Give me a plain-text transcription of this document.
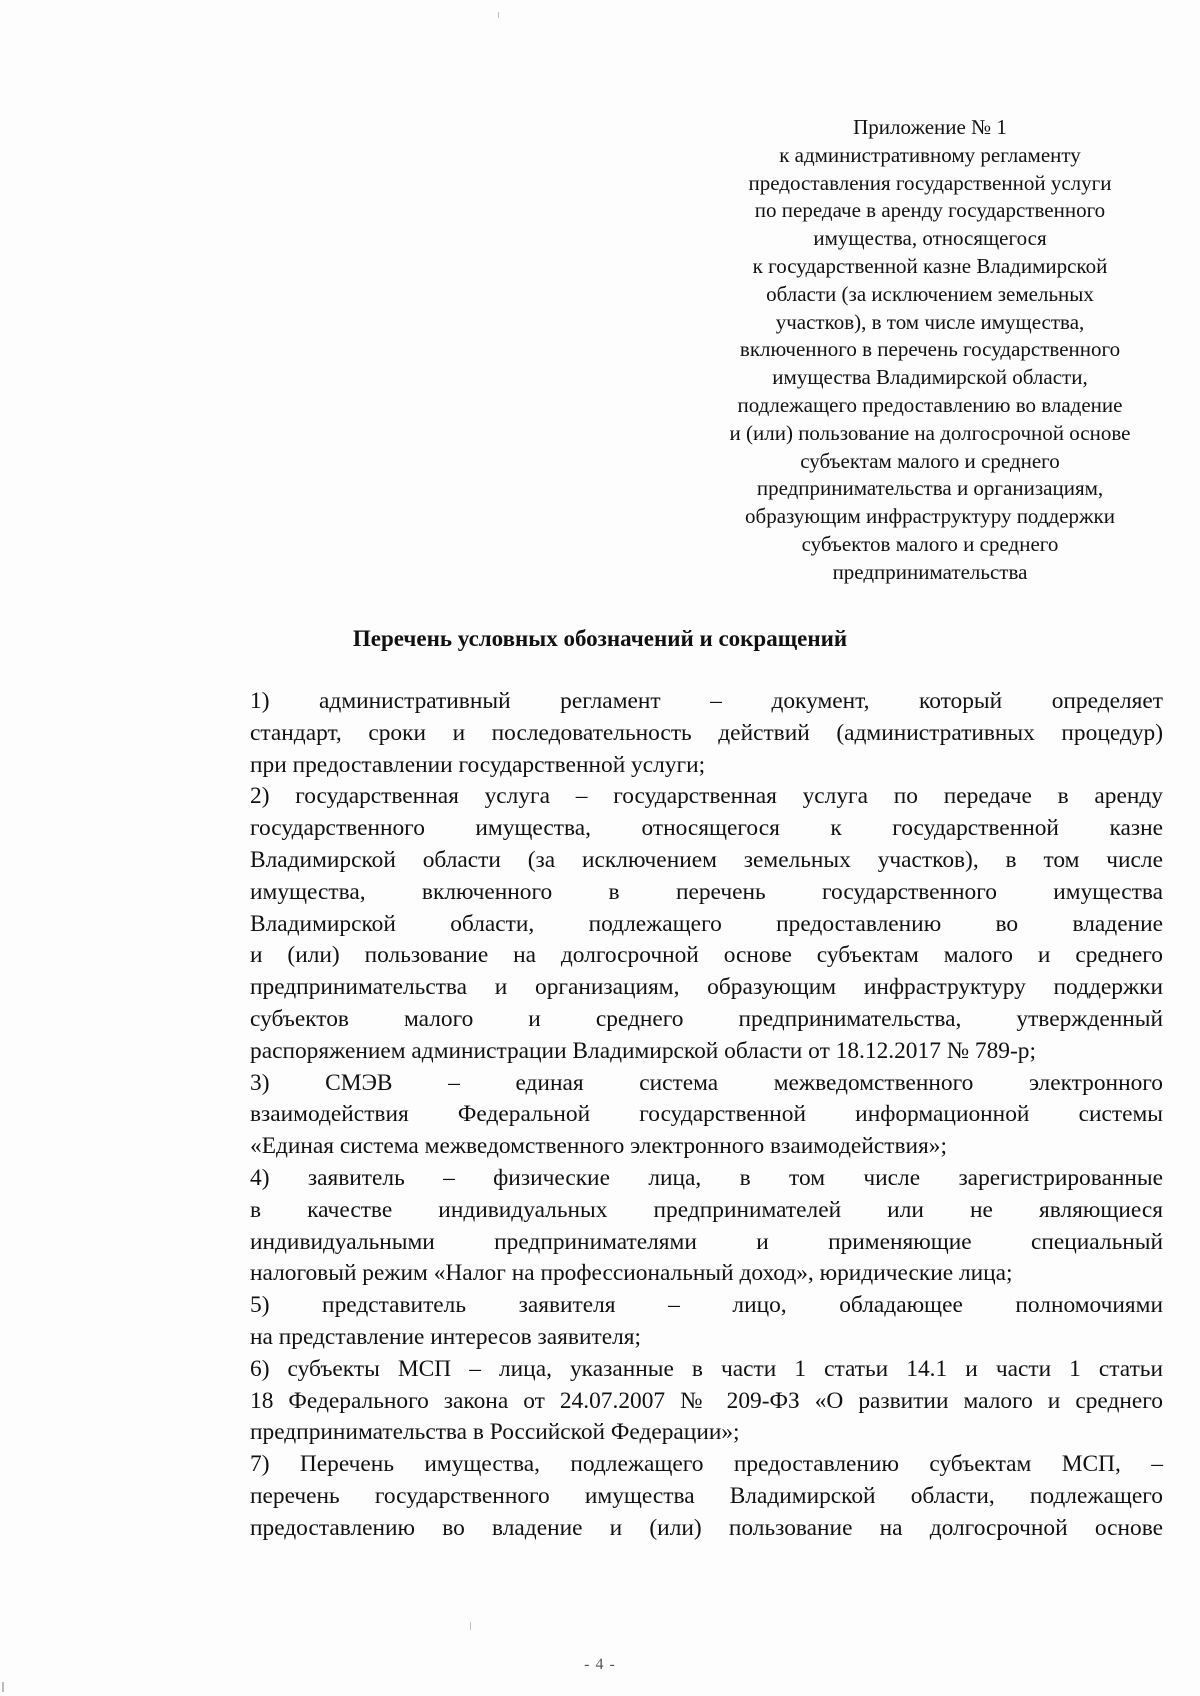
Приложение № 1
к административному регламенту
предоставления государственной услуги
по передаче в аренду государственного
имущества, относящегося
к государственной казне Владимирской
области (за исключением земельных
участков), в том числе имущества,
включенного в перечень государственного
имущества Владимирской области,
подлежащего предоставлению во владение
и (или) пользование на долгосрочной основе
субъектам малого и среднего
предпринимательства и организациям,
образующим инфраструктуру поддержки
субъектов малого и среднего
предпринимательства
Перечень условных обозначений и сокращений
1) административный регламент – документ, который определяет
стандарт, сроки и последовательность действий (административных процедур)
при предоставлении государственной услуги;
2) государственная услуга – государственная услуга по передаче в аренду
государственного имущества, относящегося к государственной казне
Владимирской области (за исключением земельных участков), в том числе
имущества, включенного в перечень государственного имущества
Владимирской области, подлежащего предоставлению во владение
и (или) пользование на долгосрочной основе субъектам малого и среднего
предпринимательства и организациям, образующим инфраструктуру поддержки
субъектов малого и среднего предпринимательства, утвержденный
распоряжением администрации Владимирской области от 18.12.2017 № 789-р;
3) СМЭВ – единая система межведомственного электронного
взаимодействия Федеральной государственной информационной системы
«Единая система межведомственного электронного взаимодействия»;
4) заявитель – физические лица, в том числе зарегистрированные
в качестве индивидуальных предпринимателей или не являющиеся
индивидуальными предпринимателями и применяющие специальный
налоговый режим «Налог на профессиональный доход», юридические лица;
5) представитель заявителя – лицо, обладающее полномочиями
на представление интересов заявителя;
6) субъекты МСП – лица, указанные в части 1 статьи 14.1 и части 1 статьи
18 Федерального закона от 24.07.2007 № 209-ФЗ «О развитии малого и среднего
предпринимательства в Российской Федерации»;
7) Перечень имущества, подлежащего предоставлению субъектам МСП, –
перечень государственного имущества Владимирской области, подлежащего
предоставлению во владение и (или) пользование на долгосрочной основе
- 4 -
